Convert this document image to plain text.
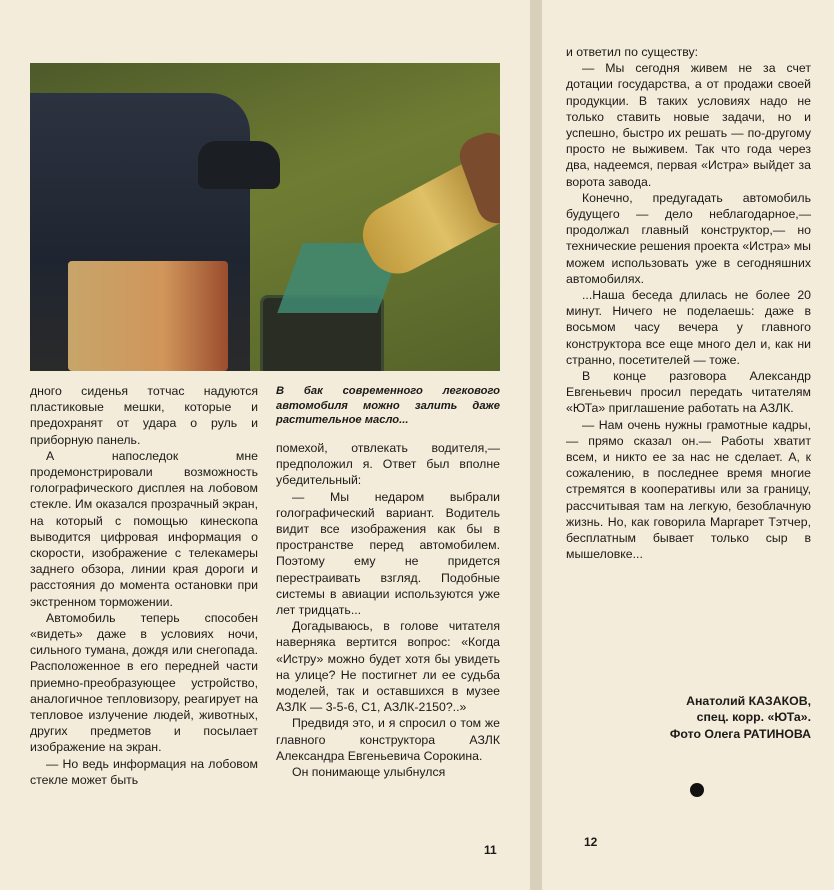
дного сиденья тотчас надуются пластиковые мешки, которые и предохранят от удара о руль и приборную панель.

А напоследок мне продемонстрировали возможность голографического дисплея на лобовом стекле. Им оказался прозрачный экран, на который с помощью кинескопа выводится цифровая информация о скорости, изображение с телекамеры заднего обзора, линии края дороги и расстояния до момента остановки при экстренном торможении.

Автомобиль теперь способен «видеть» даже в условиях ночи, сильного тумана, дождя или снегопада. Расположенное в его передней части приемно-преобразующее устройство, аналогичное тепловизору, реагирует на тепловое излучение людей, животных, других предметов и посылает изображение на экран.

— Но ведь информация на лобовом стекле может быть

В бак современного легкового автомобиля можно залить даже растительное масло...

помехой, отвлекать водителя,— предположил я. Ответ был вполне убедительный:

— Мы недаром выбрали голографический вариант. Водитель видит все изображения как бы в пространстве перед автомобилем. Поэтому ему не придется перестраивать взгляд. Подобные системы в авиации используются уже лет тридцать...

Догадываюсь, в голове читателя наверняка вертится вопрос: «Когда «Истру» можно будет хотя бы увидеть на улице? Не постигнет ли ее судьба моделей, так и оставшихся в музее АЗЛК — 3-5-6, С1, АЗЛК-2150?..»

Предвидя это, и я спросил о том же главного конструктора АЗЛК Александра Евгеньевича Сорокина.

Он понимающе улыбнулся

11

и ответил по существу:

— Мы сегодня живем не за счет дотации государства, а от продажи своей продукции. В таких условиях надо не только ставить новые задачи, но и успешно, быстро их решать — по-другому просто не выживем. Так что года через два, надеемся, первая «Истра» выйдет за ворота завода.

Конечно, предугадать автомобиль будущего — дело неблагодарное,— продолжал главный конструктор,— но технические решения проекта «Истра» мы можем использовать уже в сегодняшних автомобилях.

...Наша беседа длилась не более 20 минут. Ничего не поделаешь: даже в восьмом часу вечера у главного конструктора все еще много дел и, как ни странно, посетителей — тоже.

В конце разговора Александр Евгеньевич просил передать читателям «ЮТа» приглашение работать на АЗЛК.

— Нам очень нужны грамотные кадры,— прямо сказал он.— Работы хватит всем, и никто ее за нас не сделает. А, к сожалению, в последнее время многие стремятся в кооперативы или за границу, рассчитывая там на легкую, безоблачную жизнь. Но, как говорила Маргарет Тэтчер, бесплатным бывает только сыр в мышеловке...

Анатолий КАЗАКОВ,
спец. корр. «ЮТа».
Фото Олега РАТИНОВА
12
